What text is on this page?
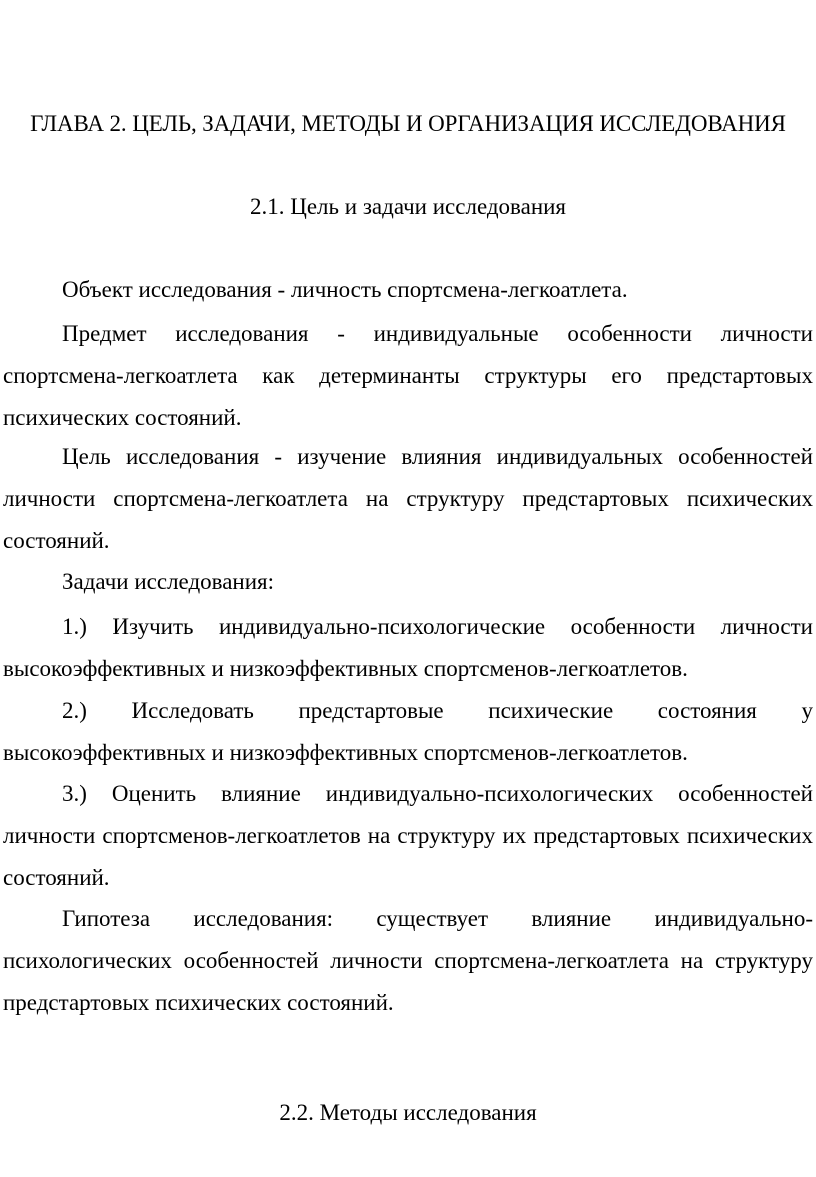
ГЛАВА 2. ЦЕЛЬ, ЗАДАЧИ, МЕТОДЫ И ОРГАНИЗАЦИЯ ИССЛЕДОВАНИЯ
2.1. Цель и задачи исследования

Объект исследования - личность спортсмена-легкоатлета.

Предмет исследования - индивидуальные особенности личности спортсмена-легкоатлета как детерминанты структуры его предстартовых психических состояний.

Цель исследования - изучение влияния индивидуальных особенностей личности спортсмена-легкоатлета на структуру предстартовых психических состояний.

Задачи исследования:

1.) Изучить индивидуально-психологические особенности личности высокоэффективных и низкоэффективных спортсменов-легкоатлетов.

2.) Исследовать предстартовые психические состояния у высокоэффективных и низкоэффективных спортсменов-легкоатлетов.

3.) Оценить влияние индивидуально-психологических особенностей личности спортсменов-легкоатлетов на структуру их предстартовых психических состояний.

Гипотеза исследования: существует влияние индивидуально-психологических особенностей личности спортсмена-легкоатлета на структуру предстартовых психических состояний.

2.2. Методы исследования
